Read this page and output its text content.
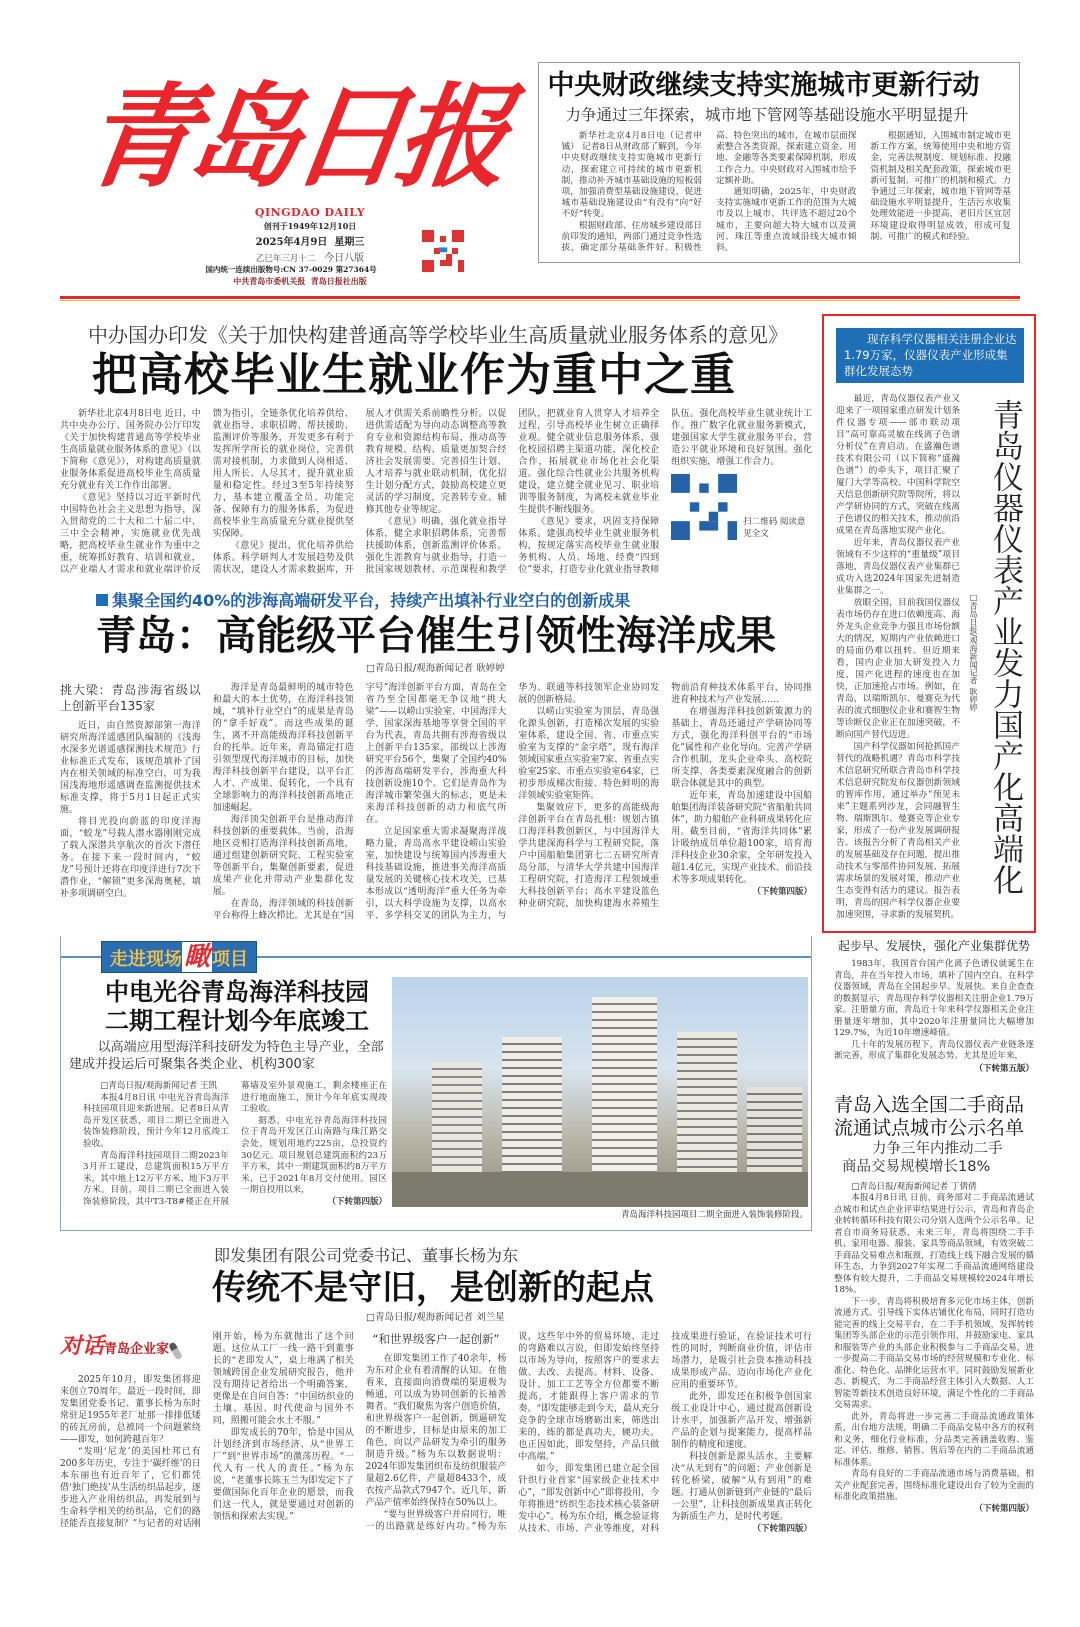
青岛日报
QINGDAO DAILY
创刊于1949年12月10日
2025年4月9日  星期三
乙巳年三月十二 今日八版
国内统一连续出版物号:CN 37-0029 第27364号
中共青岛市委机关报  青岛日报社出版
中央财政继续支持实施城市更新行动
力争通过三年探索，城市地下管网等基础设施水平明显提升

新华社北京4月8日电（记者申铖） 记者8日从财政部了解到，今年中央财政继续支持实施城市更新行动，探索建立可持续的城市更新机制，推动补齐城市基础设施的短板弱项，加强消费型基础设施建设，促进城市基础设施建设由“有没有”向“好不好”转变。

根据财政部、住房城乡建设部日前印发的通知，两部门通过竞争性选拔，确定部分基础条件好、积极性高、特色突出的城市，在城市层面探索整合各类资源，探索建立资金、用地、金融等各类要素保障机制，形成工作合力。中央财政对入围城市给予定额补助。

通知明确，2025年，中央财政支持实施城市更新工作的范围为大城市及以上城市，共评选不超过20个城市，主要向超大特大城市以及黄河、珠江等重点流域沿线大城市倾斜。

根据通知，入围城市制定城市更新工作方案，统筹使用中央和地方资金，完善法规制度、规划标准、投融资机制及相关配套政策，探索城市更新可复制、可推广的机制和模式。力争通过三年探索，城市地下管网等基础设施水平明显提升，生活污水收集处理效能进一步提高，老旧片区宜居环境建设取得明显成效，形成可复制、可推广的模式和经验。

中办国办印发《关于加快构建普通高等学校毕业生高质量就业服务体系的意见》
把高校毕业生就业作为重中之重

新华社北京4月8日电 近日，中共中央办公厅、国务院办公厅印发《关于加快构建普通高等学校毕业生高质量就业服务体系的意见》（以下简称《意见》），对构建高质量就业服务体系促进高校毕业生高质量充分就业有关工作作出部署。

《意见》坚持以习近平新时代中国特色社会主义思想为指导，深入贯彻党的二十大和二十届二中、三中全会精神，实施就业优先战略，把高校毕业生就业作为重中之重，统筹抓好教育、培训和就业，以产业端人才需求和就业端评价反馈为指引，全链条优化培养供给、就业指导、求职招聘、帮扶援助、监测评价等服务，开发更多有利于发挥所学所长的就业岗位，完善供需对接机制，力求做到人岗相适、用人所长、人尽其才，提升就业质量和稳定性。经过3至5年持续努力，基本建立覆盖全员、功能完备、保障有力的服务体系，为促进高校毕业生高质量充分就业提供坚实保障。

《意见》提出，优化培养供给体系。科学研判人才发展趋势及供需状况，建设人才需求数据库，开展人才供需关系前瞻性分析。以促进供需适配为导向动态调整高等教育专业和资源结构布局，推动高等教育规模、结构、质量更加契合经济社会发展需要。完善招生计划、人才培养与就业联动机制，优化招生计划分配方式，鼓励高校建立更灵活的学习制度，完善转专业、辅修其他专业等规定。

《意见》明确，强化就业指导体系，健全求职招聘体系，完善帮扶援助体系，创新监测评价体系。强化生涯教育与就业指导，打造一批国家规划教材、示范课程和教学团队，把就业育人贯穿人才培养全过程，引导高校毕业生树立正确择业观。健全就业信息服务体系，强化校园招聘主渠道功能，深化校企合作，拓展就业市场化社会化渠道。强化综合性就业公共服务机构建设，建立健全就业见习、职业培训等服务制度，为离校未就业毕业生提供不断线服务。

《意见》要求，巩固支持保障体系。建强高校毕业生就业服务机构，按规定落实高校毕业生就业服务机构、人员、场地、经费“四到位”要求，打造专业化就业指导教师队伍。强化高校毕业生就业统计工作。推广数字化就业服务新模式，建强国家大学生就业服务平台，营造公平就业环境和良好氛围。强化组织实施，增强工作合力。

扫二维码 阅读意见全文
集聚全国约40%的涉海高端研发平台，持续产出填补行业空白的创新成果
青岛：高能级平台催生引领性海洋成果
□青岛日报/观海新闻记者 耿婷婷
挑大梁：青岛涉海省级以上创新平台135家

近日，由自然资源部第一海洋研究所海洋遥感团队编制的《浅海水深多光谱遥感探测技术规范》行业标准正式发布，该规范填补了国内在相关领域的标准空白，可为我国浅海地形遥感调查监测提供技术标准支撑，将于5月1日起正式实施。

将目光投向蔚蓝的印度洋海面，“蛟龙”号载人潜水器刚刚完成了载人深潜共享航次的首次下潜任务。在接下来一段时间内，“蛟龙”号预计还将在印度洋进行7次下潜作业，“解锁”更多深海奥秘，填补多项调研空白。

海洋是青岛最鲜明的城市特色和最大的本土优势，在海洋科技领域，“填补行业空白”的成果是青岛的“拿手好戏”。而这些成果的诞生，离不开高能级海洋科技创新平台的托举。近年来，青岛锚定打造引领型现代海洋城市的目标，加快海洋科技创新平台建设，以平台汇人才、产成果、促转化，一个具有全球影响力的海洋科技创新高地正加速崛起。

海洋顶尖创新平台是推动海洋科技创新的重要载体。当前，沿海地区竞相打造海洋科技创新高地，通过组建创新研究院、工程实验室等创新平台，集聚创新要素，促进成果产业化并带动产业集群化发展。

在青岛，海洋领域的科技创新平台称得上蜂次栉比。尤其是在“国字号”海洋创新平台方面，青岛在全省乃至全国都毫无争议地“挑大梁”——以崂山实验室、中国海洋大学、国家深海基地等享誉全国的平台为代表，青岛共拥有涉海省级以上创新平台135家，部级以上涉海研究平台56个，集聚了全国约40%的涉海高端研发平台，涉海重大科技创新设施10个。它们是青岛作为海洋城市繁荣强大的标志，更是未来海洋科技创新的动力和底气所在。

立足国家重大需求凝聚海洋战略力量，青岛高水平建设崂山实验室，加快建设与统筹国内涉海重大科技基础设施，推进事关海洋高质量发展的关键核心技术攻关，已基本形成以“透明海洋”重大任务为牵引，以大科学设施为支撑，以高水平、多学科交叉的团队为主力，与华为、联通等科技领军企业协同发展的创新格局。

以崂山实验室为顶层，青岛强化源头创新，打造梯次发展的实验室体系，建设全国、省、市重点实验室为支撑的“金字塔”，现有海洋领域国家重点实验室7家、省重点实验室25家、市重点实验室64家，已初步形成梯次衔接、特色鲜明的海洋领域实验室矩阵。

集聚效应下，更多的高能级海洋创新平台在青岛扎根：规划古镇口海洋科教创新区，与中国海洋大学共建深海科学与工程研究院，落户中国船舶集团第七二五研究所青岛分部，与清华大学共建中国海洋工程研究院，打造海洋工程领域重大科技创新平台；高水平建设蓝色种业研究院，加快构建海水养殖生物前沿育种技术体系平台，协同推进育种技术与产业发展……

在增强海洋科技创新策源力的基础上，青岛还通过产学研协同等方式，强化海洋科创平台的“市场化”属性和产业化导向。完善产学研合作机制，龙头企业牵头、高校院所支撑、各类要素深度融合的创新联合体就是其中的典型。

近年来，青岛加速建设中国船舶集团海洋装备研究院“省船舶共同体”，助力船舶产业科研成果转化应用。截至目前，“省海洋共同体”累计吸纳成员单位超100家，培育海洋科技企业30余家，全年研发投入超1.4亿元，实现产业技术、前沿技术等多项成果转化。

（下转第四版）
走进现场瞰 项目
中电光谷青岛海洋科技园
二期工程计划今年底竣工
以高端应用型海洋科技研发为特色主导产业，全部建成并投运后可聚集各类企业、机构300家
□青岛日报/观海新闻记者 王凯

本报4月8日讯 中电光谷青岛海洋科技园项目迎来新进展。记者8日从青岛开发区获悉，项目二期已全面进入装饰装修阶段，预计今年12月底竣工验收。

青岛海洋科技园项目二期2023年3月开工建设，总建筑面积15万平方米，其中地上12万平方米、地下3万平方米。目前，项目二期已全面进入装饰装修阶段，其中T3-T8#楼正在开展幕墙及室外景观施工，剩余楼座正在进行地面施工，预计今年年底实现竣工验收。

据悉，中电光谷青岛海洋科技园位于青岛开发区江山南路与珠江路交会处，规划用地约225亩，总投资约30亿元。项目规划总建筑面积约23万平方米，其中一期建筑面积约8万平方米，已于2021年8月交付使用。园区一期自投用以来，

（下转第四版）
青岛海洋科技园项目二期全面进入装饰装修阶段。
即发集团有限公司党委书记、董事长杨为东
传统不是守旧，是创新的起点
□青岛日报/观海新闻记者 刘兰星
对话青岛企业家

2025年10月，即发集团将迎来创立70周年。最近一段时间，即发集团党委书记、董事长杨为东时常驻足1955年老厂址那一排排低矮的砖瓦房前，总被同一个问题萦绕——即发，如何跨越百年？

“发明‘尼龙’的美国杜邦已有200多年历史，专注于‘碳纤维’的日本东丽也有近百年了，它们都凭借‘独门绝技’从生活纺织品起步，逐步进入产业用纺织品，再发展到与生命科学相关的纺织品，它们的路径能否直接复制？”与记者的对话刚刚开始，杨为东就抛出了这个问题。这位从工厂一线一路干到董事长的“老即发人”，桌上堆满了相关领域跨国企业发展研究报告，他并没有期待记者给出一个明确答案，更像是在自问自答：“中国纺织业的土壤、基因、时代使命与国外不同，照搬可能会水土不服。”

即发成长的70年，恰是中国从计划经济到市场经济、从“世界工厂”到“世界市场”的激荡历程。“一代人有一代人的责任。”杨为东说，“老董事长陈玉兰为即发定下了要做国际化百年企业的愿景，而我们这一代人，就是要通过对创新的领悟和探索去实现。”

“和世界级客户一起创新”

在即发集团工作了40余年，杨为东对企业有着清醒的认知。在他看来，直接面向消费端的渠道极为畅通，可以成为协同创新的长袖善舞者。“我们聚焦为客户创造价值，和世界级客户一起创新，倒逼研发的不断进步，目标是由原来的加工角色，向以产品研发为牵引的服务制造升级。”杨为东以数据说明：2024年即发集团织布及纺织服装产量超2.6亿件，产量超8433个，成衣按产品款式7947个。近几年，新产品产值率始终保持在50%以上。

“要与世界级客户并肩同行，唯一的出路就是练好内功。”杨为东说，这些年中外的贸易环境、走过的弯路难以言说，但即发始终坚持以市场为导向，按照客户的要求去做、去改、去提高。材料、设备、设计、加工工艺等全方位都要不断提高，才能跟得上客户需求的节奏。“即发能够走到今天，最从充分竞争的全球市场磨砺出来，筛选出来的，练的都是真功夫，硬功夫。也正因如此，即发坚持，产品只做中高端。”

如今，即发集团已建立起全国针织行业首家“国家级企业技术中心”，“即发创新中心”即将投用，今年将推进“纺织生态技术核心装备研发中心”。杨为东介绍，概念验证将从技术、市场、产业等维度，对科技成果进行验证，在验证技术可行性的同时，判断商业价值，评估市场潜力，是吸引社会资本推动科技成果形成产品、迈向市场化产业化应用的重要环节。

此外，即发还在积极争创国家级工业设计中心，通过提高创新设计水平，加强新产品开发，增强新产品的企划与提案能力，提高样品制作的精度和速度。

科技创新是源头活水，主要解决“从无到有”的问题；产业创新是转化桥梁，破解“从有到用”的难题。打通从创新链到产业链的“最后一公里”，让科技创新成果真正转化为新质生产力，是时代考题。

（下转第四版）
现存科学仪器相关注册企业达1.79万家，仪器仪表产业形成集群化发展态势

最近，青岛仪器仪表产业又迎来了一项国家重点研发计划条件仪器专项——部市联动项目“高可靠高灵敏在线离子色谱分析仪”在青启动。在盛瀚色谱技术有限公司（以下简称“盛瀚色谱”）的牵头下，项目汇聚了厦门大学等高校、中国科学院空天信息创新研究院等院所，将以产学研协同的方式，突破在线离子色谱仪的相关技术，推动前沿成果在青岛落地实现产业化。

近年来，青岛仪器仪表产业领域有不少这样的“重量级”项目落地，青岛仪器仪表产业集群已成功入选2024年国家先进制造业集群之一。

放眼全国，目前我国仪器仪表市场仍存在进口依赖度高、海外龙头企业竞争力强且市场份额大的情况，短期内产业依赖进口的局面仍难以扭转。但近期来看，国内企业加大研发投入力度，国产化进程的速度也在加快，正加速抢占市场。例如，在青岛，以瑞斯凯尔、曼赛克为代表的流式细胞仪企业和赛智生物等诊断仪企业正在加速突破，不断向国产替代迈进。

国产科学仪器如何抢抓国产替代的战略机遇？青岛市科学技术信息研究所联合青岛市科学技术信息研究院发布仪器创新领域的智库作用，通过举办“预见未来”主题系列沙龙，会同融智生物、瑞斯凯尔、曼赛克等企业专家，形成了一份产业发展调研报告。该报告分析了青岛相关产业的发展基础及存在问题，提出推动技术与零部件协同发展、拓展需求场景的发展对策，推动产业生态变得有活力的建议。报告表明，青岛的国产科学仪器企业要加速突围，寻求新的发展契机。

□青岛日报/观海新闻记者 耿婷婷 青岛仪器仪表产业发力国产化高端化
起步早、发展快，强化产业集群优势

1983年，我国首台国产化离子色谱仪就诞生在青岛，并在当年投入市场，填补了国内空白。在科学仪器领域，青岛在全国起步早、发展快。来自企查查的数据显示，青岛现存科学仪器相关注册企业1.79万家。注册量方面，青岛近十年来科学仪器相关企业注册量逐年增加，其中2020年注册量同比大幅增加129.7%，为近10年增速峰值。

几十年的发展历程下，青岛仪器仪表产业链条逐渐完善，形成了集群化发展态势。尤其是近年来，

（下转第五版）
青岛入选全国二手商品
流通试点城市公示名单
力争三年内推动二手
商品交易规模增长18%
□青岛日报/观海新闻记者 丁倩倩

本报4月8日讯 日前，商务部对二手商品流通试点城市和试点企业评审结果进行公示，青岛和青岛企业转转循环科技有限公司分别入选两个公示名单。记者自市商务局获悉，未来三年，青岛将围绕二手手机、家用电器、服装、家具等商品领域，有效突破二手商品交易难点和瓶颈，打造线上线下融合发展的循环生态，力争到2027年实现二手商品流通网络建设整体有较大提升，二手商品交易规模较2024年增长18%。

下一步，青岛将积极培育多元化市场主体，创新流通方式。引导线下实体店铺优化布局，同时打造功能完善的线上交易平台，在二手手机领域，发挥转转集团等头部企业的示范引领作用，并鼓励家电、家具和服装等产业的头部企业积极参与二手商品交易，进一步提高二手商品交易市场的经营规模和专业化、标准化、特色化、品牌化运营水平。同时鼓励发展新业态、新模式，为二手商品经营主体引入大数据、人工智能等新技术创造良好环境，满足个性化的二手商品交易需求。

此外，青岛将进一步完善二手商品流通政策体系，出台地方法规，明确二手商品交易中各方的权利和义务，细化行业标准，分品类完善涵盖收购、鉴定、评估、维修、销售、售后等在内的二手商品流通标准体系。

青岛有良好的二手商品流通市场与消费基础，相关产业配套完善，围绕标准化建设出台了较为全面的标准化政策措施。

（下转第四版）
